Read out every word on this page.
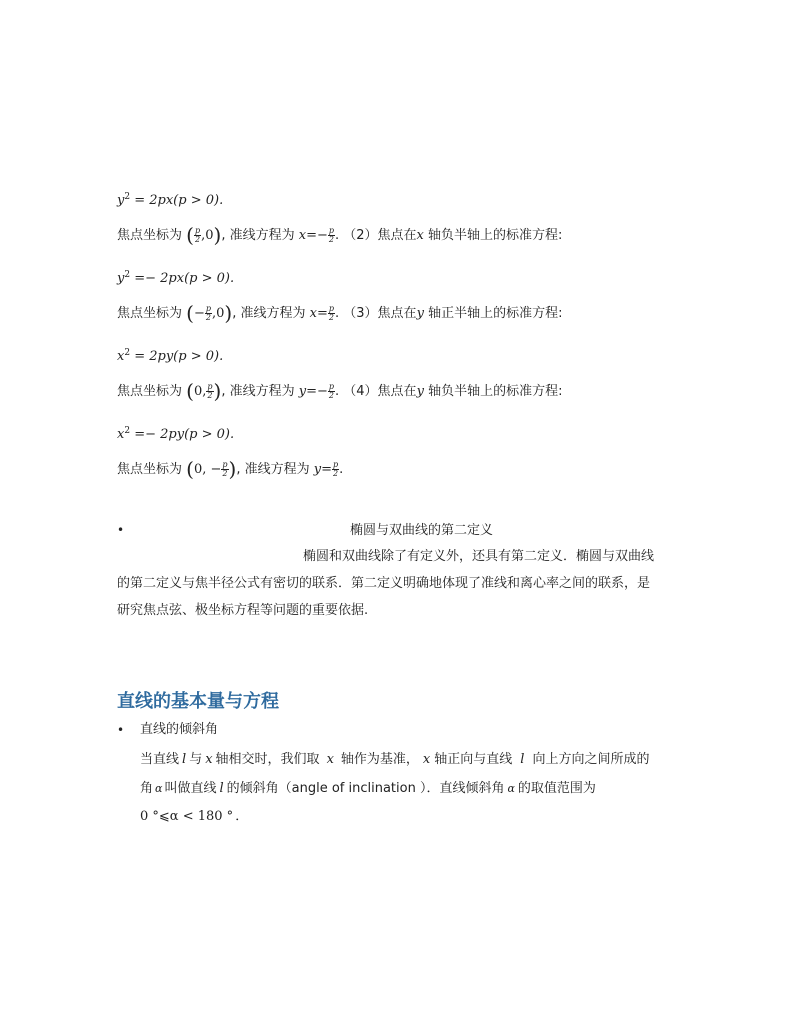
$y^2 = 2px(p > 0)$.
焦点坐标为 ( $\frac{p}{2} ,0$), 准线方程为 $x=- \frac{p}{2}$ . （2）焦点在x 轴负半轴上的标准方程:
$y^2 =- 2px(p > 0)$.
焦点坐标为 (− $\frac{p}{2} ,0$), 准线方程为 $x= \frac{p}{2}$ . （3）焦点在y 轴正半轴上的标准方程:
$x^2 = 2py(p > 0)$.
焦点坐标为 (0, $\frac{p}{2}$ ), 准线方程为 $y=- \frac{p}{2}$ . （4）焦点在y 轴负半轴上的标准方程:
$x^2 =- 2py(p > 0)$.
焦点坐标为 (0, − $\frac{p}{2}$ ), 准线方程为 $y= \frac{p}{2}$ .
•	椭圆与双曲线的第二定义
椭圆和双曲线除了有定义外，还具有第二定义．椭圆与双曲线
的第二定义与焦半径公式有密切的联系．第二定义明确地体现了准线和离心率之间的联系，是
研究焦点弦、极坐标方程等问题的重要依据.
直线的基本量与方程
• 直线的倾斜角
当直线 l 与 x 轴相交时，我们取 x 轴作为基准， x 轴正向与直线 l 向上方向之间所成的
角 α 叫做直线 l 的倾斜角（angle of inclination ）．直线倾斜角 α 的取值范围为
0 °⩽α < 180 ° ．
